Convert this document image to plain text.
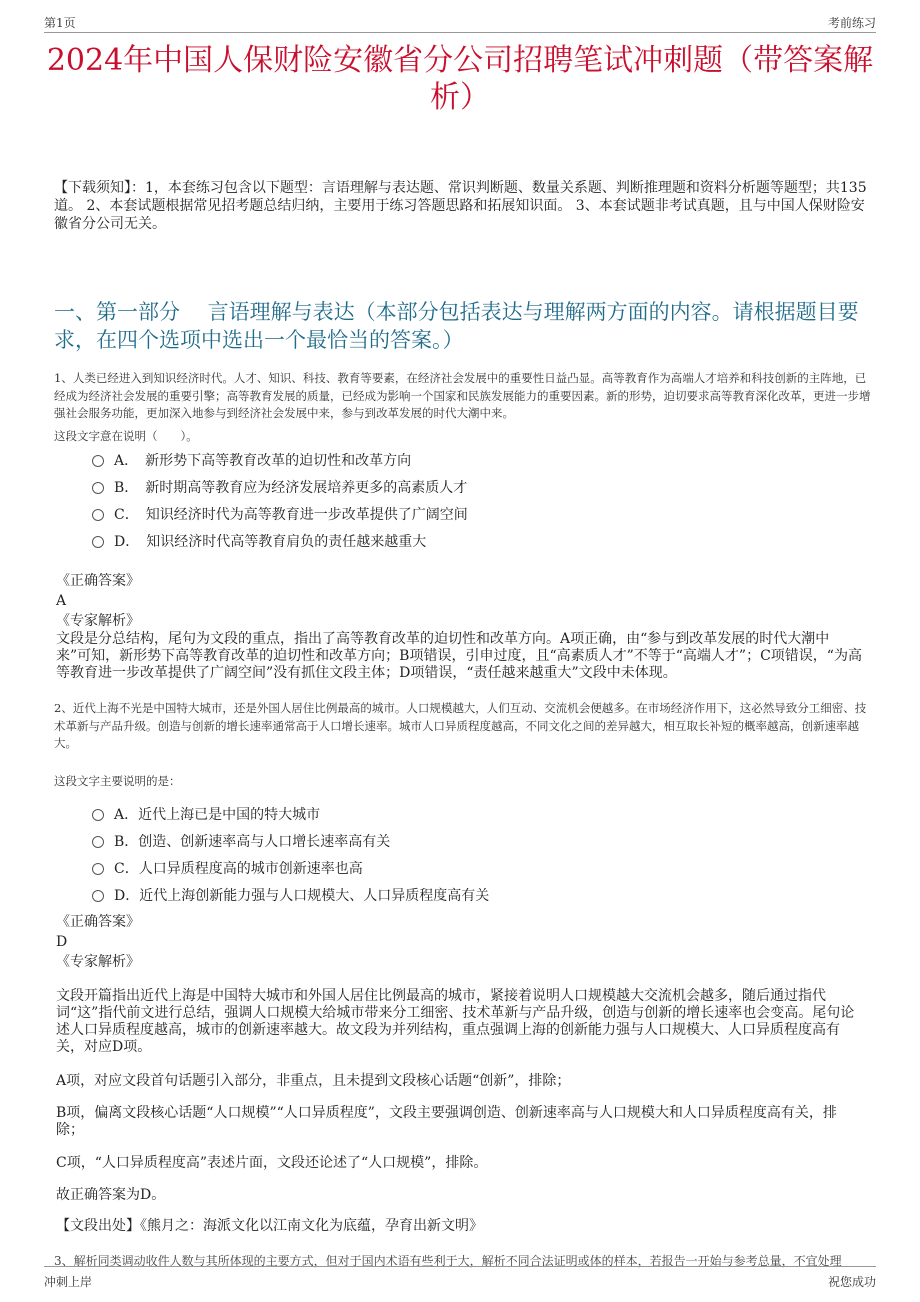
第1页	考前练习
2024年中国人保财险安徽省分公司招聘笔试冲刺题（带答案解析）
【下载须知】：1，本套练习包含以下题型：言语理解与表达题、常识判断题、数量关系题、判断推理题和资料分析题等题型；共135道。 2、本套试题根据常见招考题总结归纳，主要用于练习答题思路和拓展知识面。 3、本套试题非考试真题，且与中国人保财险安徽省分公司无关。
一、第一部分　 言语理解与表达（本部分包括表达与理解两方面的内容。请根据题目要求，在四个选项中选出一个最恰当的答案。）
1、人类已经进入到知识经济时代。人才、知识、科技、教育等要素，在经济社会发展中的重要性日益凸显。高等教育作为高端人才培养和科技创新的主阵地，已经成为经济社会发展的重要引擎；高等教育发展的质量，已经成为影响一个国家和民族发展能力的重要因素。新的形势，迫切要求高等教育深化改革，更进一步增强社会服务功能，更加深入地参与到经济社会发展中来，参与到改革发展的时代大潮中来。
这段文字意在说明（　　）。
A．　新形势下高等教育改革的迫切性和改革方向
B．　新时期高等教育应为经济发展培养更多的高素质人才
C．　知识经济时代为高等教育进一步改革提供了广阔空间
D．　知识经济时代高等教育肩负的责任越来越重大
《正确答案》
A
《专家解析》
文段是分总结构，尾句为文段的重点，指出了高等教育改革的迫切性和改革方向。A项正确，由“参与到改革发展的时代大潮中来”可知，新形势下高等教育改革的迫切性和改革方向；B项错误，引申过度，且“高素质人才”不等于“高端人才”；C项错误，“为高等教育进一步改革提供了广阔空间”没有抓住文段主体；D项错误，“责任越来越重大”文段中未体现。
2、近代上海不光是中国特大城市，还是外国人居住比例最高的城市。人口规模越大，人们互动、交流机会便越多。在市场经济作用下，这必然导致分工细密、技术革新与产品升级。创造与创新的增长速率通常高于人口增长速率。城市人口异质程度越高，不同文化之间的差异越大，相互取长补短的概率越高，创新速率越大。
这段文字主要说明的是：
A．近代上海已是中国的特大城市
B．创造、创新速率高与人口增长速率高有关
C．人口异质程度高的城市创新速率也高
D．近代上海创新能力强与人口规模大、人口异质程度高有关
《正确答案》
D
《专家解析》
文段开篇指出近代上海是中国特大城市和外国人居住比例最高的城市，紧接着说明人口规模越大交流机会越多，随后通过指代词“这”指代前文进行总结，强调人口规模大给城市带来分工细密、技术革新与产品升级，创造与创新的增长速率也会变高。尾句论述人口异质程度越高，城市的创新速率越大。故文段为并列结构，重点强调上海的创新能力强与人口规模大、人口异质程度高有关，对应D项。
A项，对应文段首句话题引入部分，非重点，且未提到文段核心话题“创新”，排除；
B项，偏离文段核心话题“人口规模”“人口异质程度”，文段主要强调创造、创新速率高与人口规模大和人口异质程度高有关，排除；
C项，“人口异质程度高”表述片面，文段还论述了“人口规模”，排除。
故正确答案为D。
【文段出处】《熊月之：海派文化以江南文化为底蕴，孕育出新文明》
3、解析同类调动收件人数与其所体现的主要方式，但对于国内术语有些利于大，解析不同合法证明或体的样本，若报告一开始与参考总量，不宜处理
冲刺上岸	祝您成功
